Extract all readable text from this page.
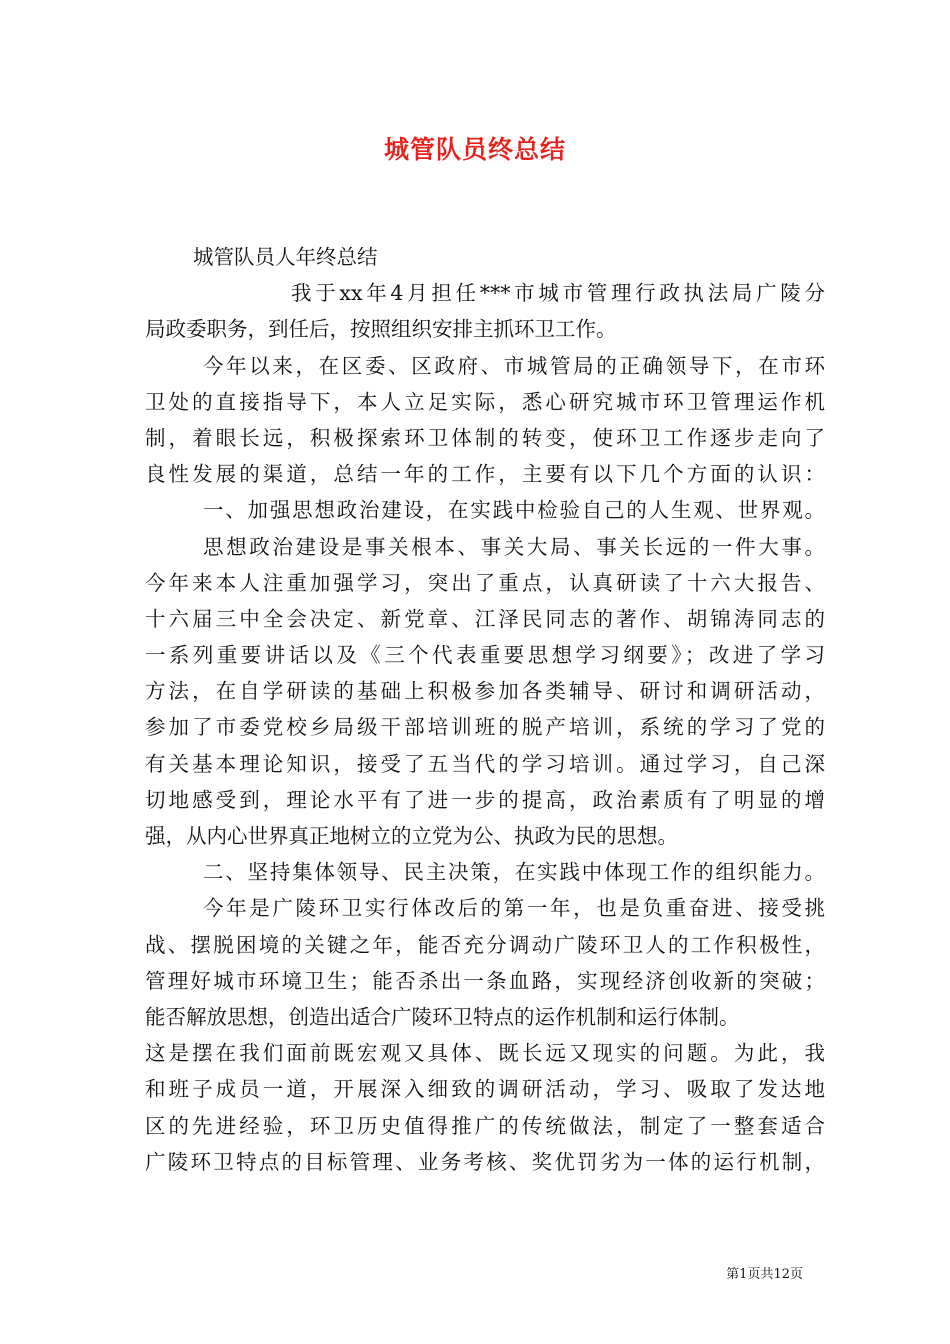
城管队员终总结
城管队员人年终总结
我于xx年4月担任***市城市管理行政执法局广陵分
局政委职务，到任后，按照组织安排主抓环卫工作。
今年以来，在区委、区政府、市城管局的正确领导下，在市环
卫处的直接指导下，本人立足实际，悉心研究城市环卫管理运作机
制，着眼长远，积极探索环卫体制的转变，使环卫工作逐步走向了
良性发展的渠道，总结一年的工作，主要有以下几个方面的认识：
一、加强思想政治建设，在实践中检验自己的人生观、世界观。
思想政治建设是事关根本、事关大局、事关长远的一件大事。
今年来本人注重加强学习，突出了重点，认真研读了十六大报告、
十六届三中全会决定、新党章、江泽民同志的著作、胡锦涛同志的
一系列重要讲话以及《三个代表重要思想学习纲要》；改进了学习
方法，在自学研读的基础上积极参加各类辅导、研讨和调研活动，
参加了市委党校乡局级干部培训班的脱产培训，系统的学习了党的
有关基本理论知识，接受了五当代的学习培训。通过学习，自己深
切地感受到，理论水平有了进一步的提高，政治素质有了明显的增
强，从内心世界真正地树立的立党为公、执政为民的思想。
二、坚持集体领导、民主决策，在实践中体现工作的组织能力。
今年是广陵环卫实行体改后的第一年，也是负重奋进、接受挑
战、摆脱困境的关键之年，能否充分调动广陵环卫人的工作积极性，
管理好城市环境卫生；能否杀出一条血路，实现经济创收新的突破；
能否解放思想，创造出适合广陵环卫特点的运作机制和运行体制。
这是摆在我们面前既宏观又具体、既长远又现实的问题。为此，我
和班子成员一道，开展深入细致的调研活动，学习、吸取了发达地
区的先进经验，环卫历史值得推广的传统做法，制定了一整套适合
广陵环卫特点的目标管理、业务考核、奖优罚劣为一体的运行机制，
第1页共12页
